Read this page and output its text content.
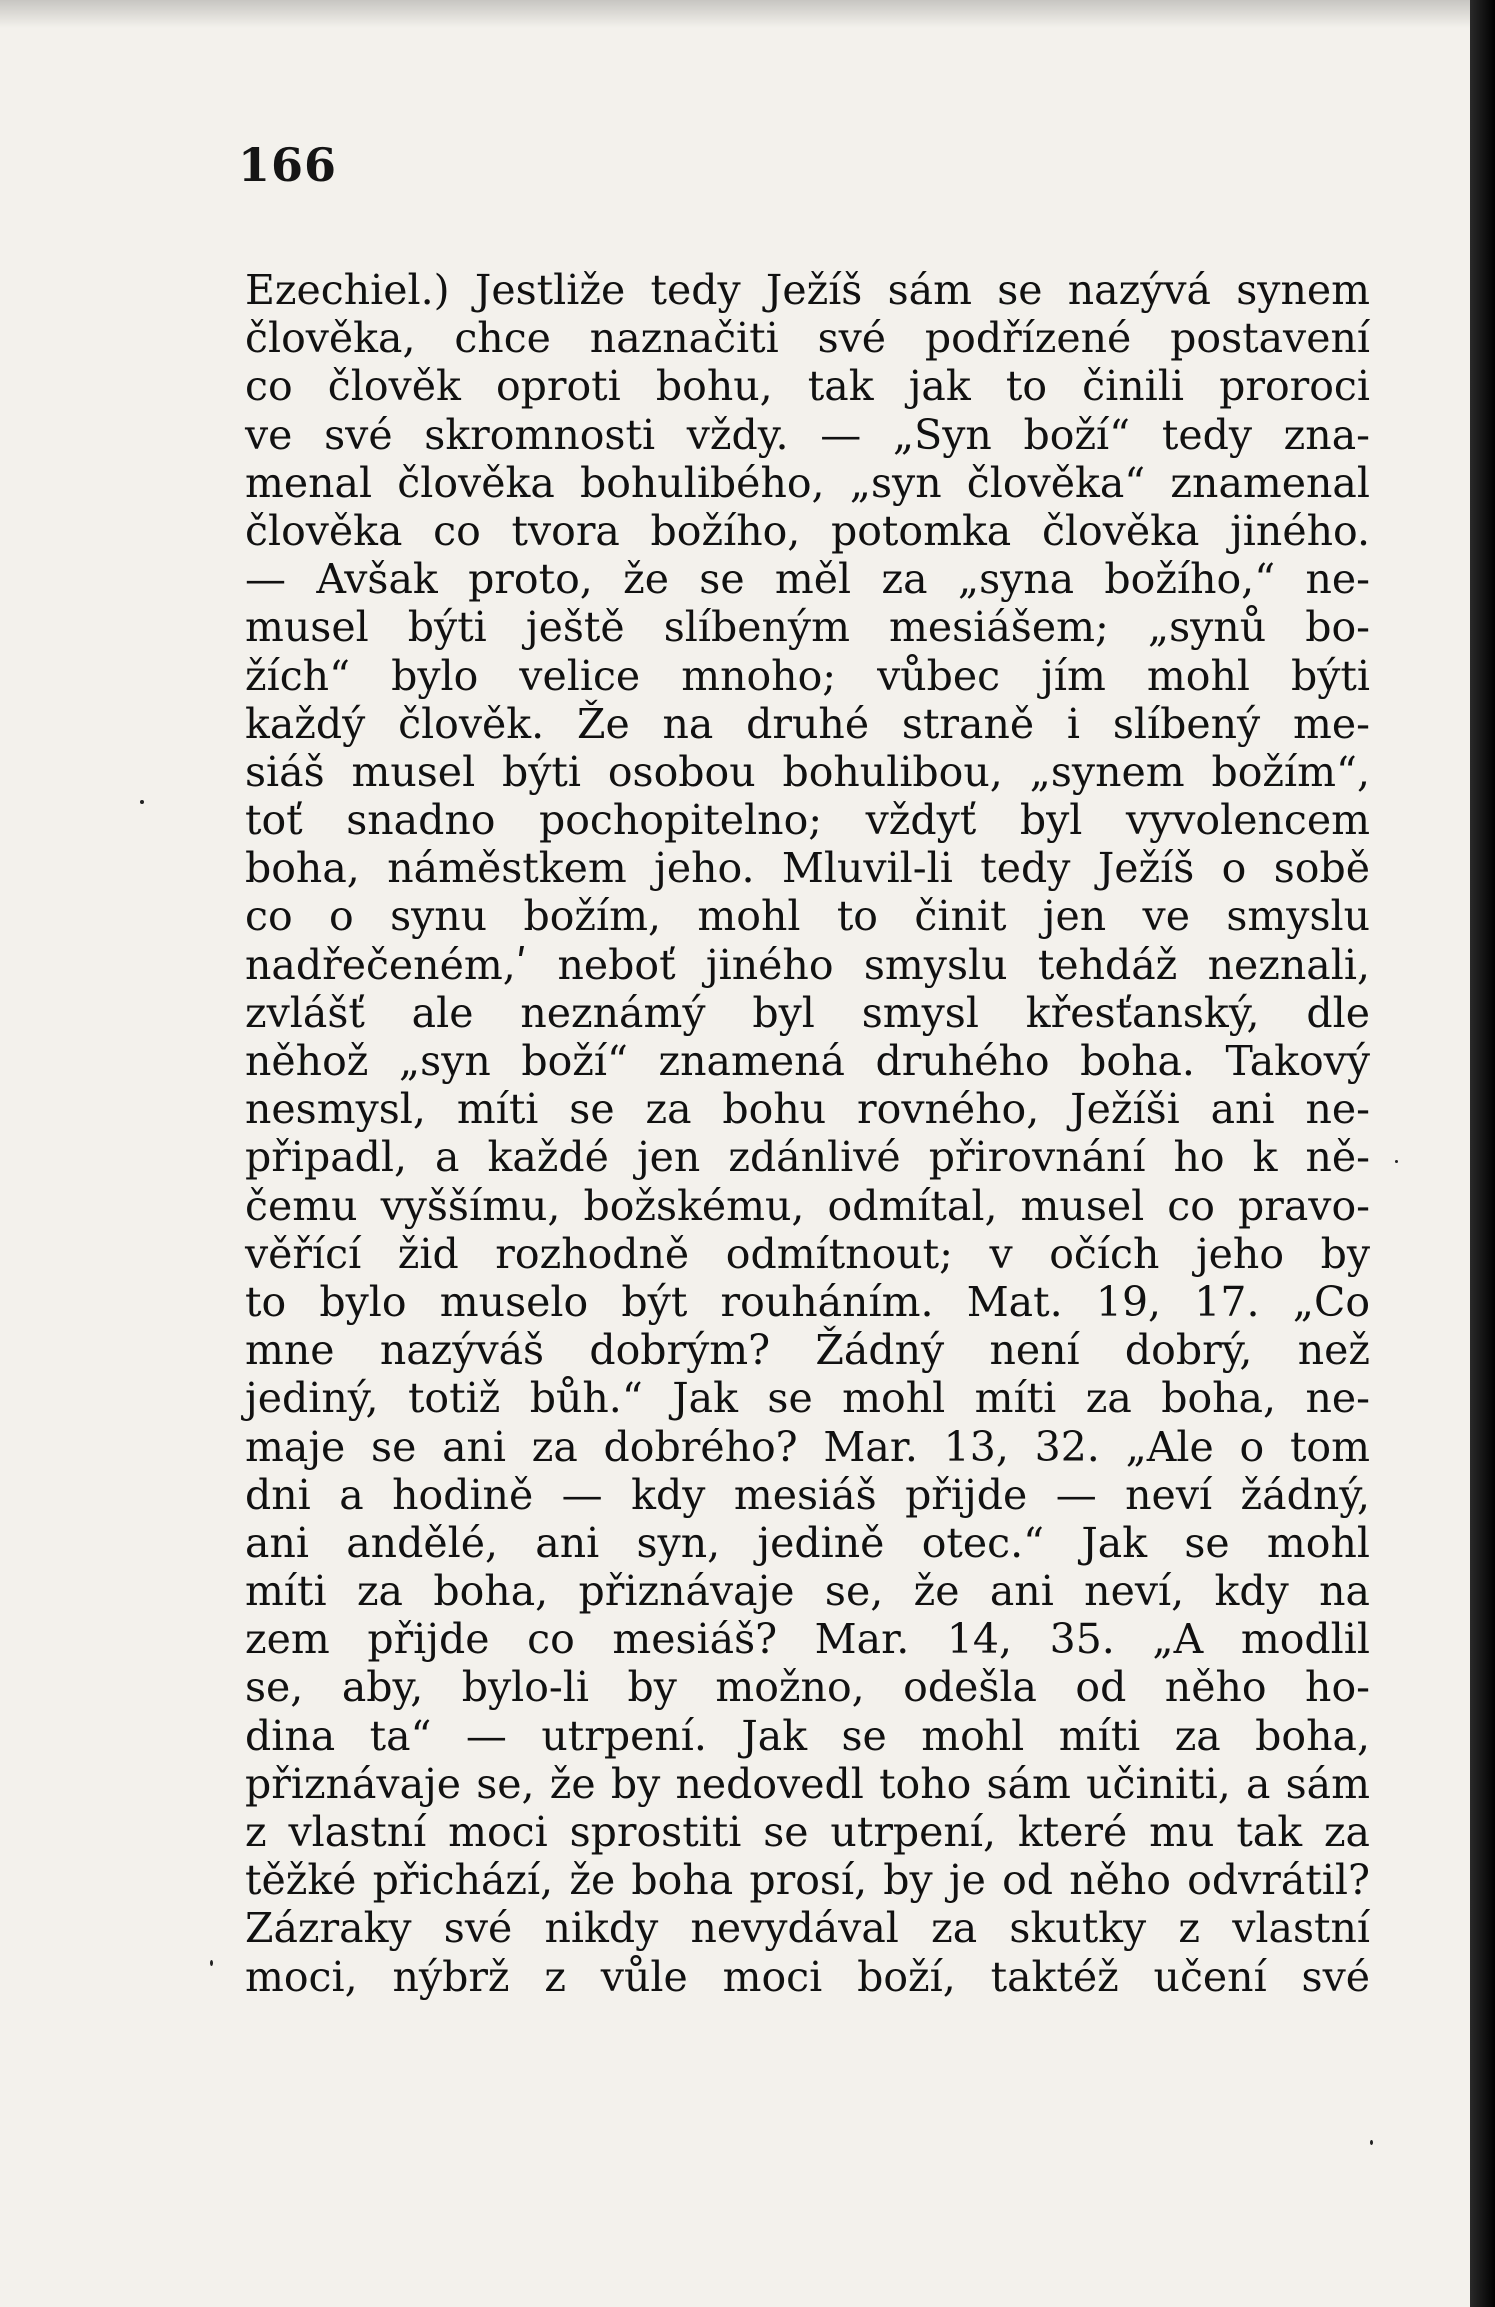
166
Ezechiel.) Jestliže tedy Ježíš sám se nazývá synem
člověka, chce naznačiti své podřízené postavení
co člověk oproti bohu, tak jak to činili proroci
ve své skromnosti vždy. — „Syn boží“ tedy zna-
menal člověka bohulibého, „syn člověka“ znamenal
člověka co tvora božího, potomka člověka jiného.
— Avšak proto, že se měl za „syna božího,“ ne-
musel býti ještě slíbeným mesiášem; „synů bo-
žích“ bylo velice mnoho; vůbec jím mohl býti
každý člověk. Že na druhé straně i slíbený me-
siáš musel býti osobou bohulibou, „synem božím“,
toť snadno pochopitelno; vždyť byl vyvolencem
boha, náměstkem jeho. Mluvil-li tedy Ježíš o sobě
co o synu božím, mohl to činit jen ve smyslu
nadřečeném,ʹ neboť jiného smyslu tehdáž neznali,
zvlášť ale neznámý byl smysl křesťanský, dle
něhož „syn boží“ znamená druhého boha. Takový
nesmysl, míti se za bohu rovného, Ježíši ani ne-
připadl, a každé jen zdánlivé přirovnání ho k ně-
čemu vyššímu, božskému, odmítal, musel co pravo-
věřící žid rozhodně odmítnout; v očích jeho by
to bylo muselo být rouháním. Mat. 19, 17. „Co
mne nazýváš dobrým? Žádný není dobrý, než
jediný, totiž bůh.“ Jak se mohl míti za boha, ne-
maje se ani za dobrého? Mar. 13, 32. „Ale o tom
dni a hodině — kdy mesiáš přijde — neví žádný,
ani andělé, ani syn, jedině otec.“ Jak se mohl
míti za boha, přiznávaje se, že ani neví, kdy na
zem přijde co mesiáš? Mar. 14, 35. „A modlil
se, aby, bylo-li by možno, odešla od něho ho-
dina ta“ — utrpení. Jak se mohl míti za boha,
přiznávaje se, že by nedovedl toho sám učiniti, a sám
z vlastní moci sprostiti se utrpení, které mu tak za
těžké přichází, že boha prosí, by je od něho odvrátil?
Zázraky své nikdy nevydával za skutky z vlastní
moci, nýbrž z vůle moci boží, taktéž učení své
